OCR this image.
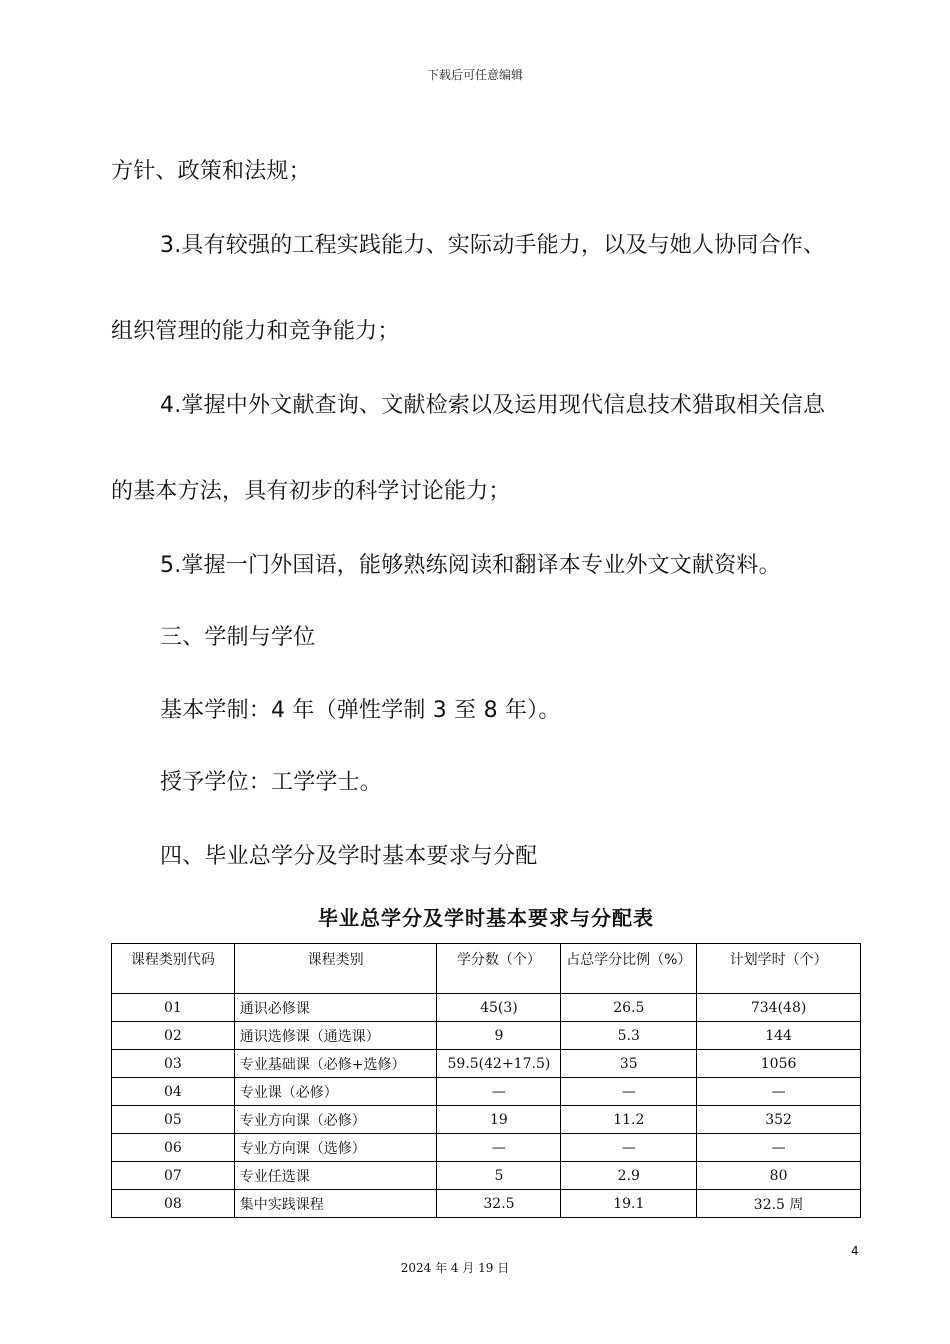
下载后可任意编辑
方针、政策和法规；
3.具有较强的工程实践能力、实际动手能力，以及与她人协同合作、
组织管理的能力和竞争能力；
4.掌握中外文献查询、文献检索以及运用现代信息技术猎取相关信息
的基本方法，具有初步的科学讨论能力；
5.掌握一门外国语，能够熟练阅读和翻译本专业外文文献资料。
三、学制与学位
基本学制：4 年（弹性学制 3 至 8 年）。
授予学位：工学学士。
四、毕业总学分及学时基本要求与分配
毕业总学分及学时基本要求与分配表
课程类别代码	课程类别	学分数（个）	占总学分比例（%）	计划学时（个）
01	通识必修课	45(3)	26.5	734(48)
02	通识选修课（通选课）	9	5.3	144
03	专业基础课（必修+选修）	59.5(42+17.5)	35	1056
04	专业课（必修）	—	—	—
05	专业方向课（必修）	19	11.2	352
06	专业方向课（选修）	—	—	—
07	专业任选课	5	2.9	80
08	集中实践课程	32.5	19.1	32.5 周
4
2024 年 4 月 19 日
